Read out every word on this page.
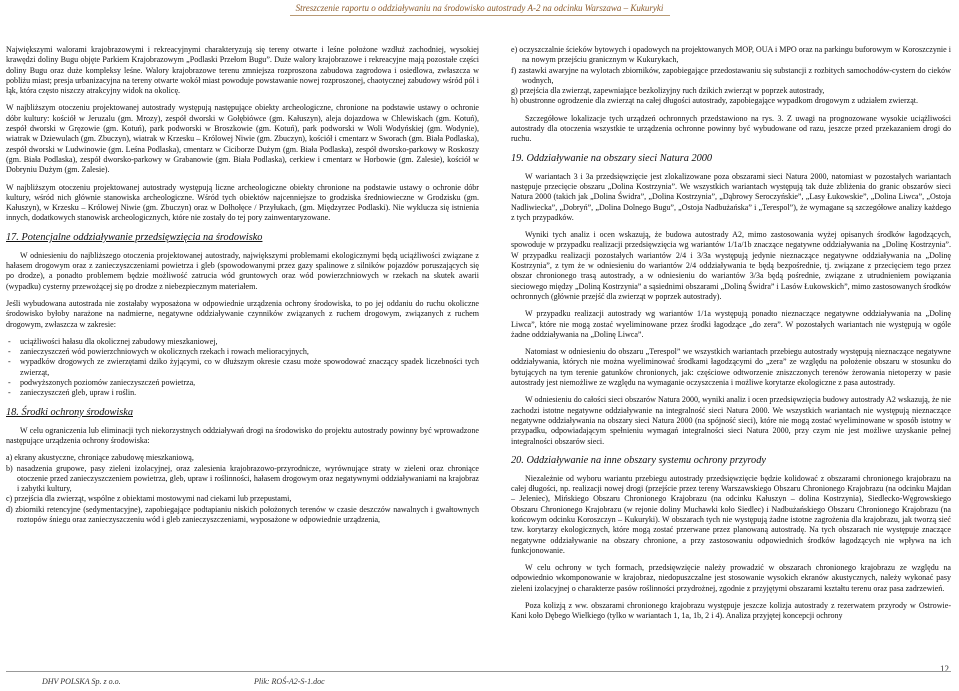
Streszczenie raportu o oddziaływaniu na środowisko autostrady A-2 na odcinku Warszawa – Kukuryki

Największymi walorami krajobrazowymi i rekreacyjnymi charakteryzują się tereny otwarte i leśne położone wzdłuż zachodniej, wysokiej krawędzi doliny Bugu objęte Parkiem Krajobrazowym „Podlaski Przełom Bugu”. Duże walory krajobrazowe i rekreacyjne mają pozostałe części doliny Bugu oraz duże kompleksy leśne. Walory krajobrazowe terenu zmniejsza rozproszona zabudowa zagrodowa i osiedlowa, zwłaszcza w pobliżu miast; presja urbanizacyjna na tereny otwarte wokół miast powoduje powstawanie nowej rozproszonej, chaotycznej zabudowy wśród pól i łąk, która często niszczy atrakcyjny widok na okolicę.

W najbliższym otoczeniu projektowanej autostrady występują następujące obiekty archeologiczne, chronione na podstawie ustawy o ochronie dóbr kultury: kościół w Jeruzalu (gm. Mrozy), zespół dworski w Gołębiówce (gm. Kałuszyn), aleja dojazdowa w Chlewiskach (gm. Kotuń), zespół dworski w Gręzowie (gm. Kotuń), park podworski w Broszkowie (gm. Kotuń), park podworski w Woli Wodyńskiej (gm. Wodynie), wiatrak w Dziewulach (gm. Zbuczyn), wiatrak w Krzesku – Królowej Niwie (gm. Zbuczyn), kościół i cmentarz w Sworach (gm. Biała Podlaska), zespół dworski w Ludwinowie (gm. Leśna Podlaska), cmentarz w Ciciborze Dużym (gm. Biała Podlaska), zespół dworsko-parkowy w Roskoszy (gm. Biała Podlaska), zespół dworsko-parkowy w Grabanowie (gm. Biała Podlaska), cerkiew i cmentarz w Horbowie (gm. Zalesie), kościół w Dobryniu Dużym (gm. Zalesie).

W najbliższym otoczeniu projektowanej autostrady występują liczne archeologiczne obiekty chronione na podstawie ustawy o ochronie dóbr kultury, wśród nich głównie stanowiska archeologiczne. Wśród tych obiektów najcenniejsze to grodziska średniowieczne w Grodzisku (gm. Kałuszyn), w Krzesku – Królowej Niwie (gm. Zbuczyn) oraz w Dołhołęce / Przyłukach, (gm. Międzyrzec Podlaski). Nie wyklucza się istnienia innych, dodatkowych stanowisk archeologicznych, które nie zostały do tej pory zainwentaryzowane.

17. Potencjalne oddziaływanie przedsięwzięcia na środowisko

W odniesieniu do najbliższego otoczenia projektowanej autostrady, największymi problemami ekologicznymi będą uciążliwości związane z hałasem drogowym oraz z zanieczyszczeniami powietrza i gleb (spowodowanymi przez gazy spalinowe z silników pojazdów poruszających się po drodze), a ponadto problemem będzie możliwość zatrucia wód gruntowych oraz wód powierzchniowych w rzekach na skutek awarii (wypadku) cysterny przewożącej się po drodze z niebezpiecznym materiałem.

Jeśli wybudowana autostrada nie zostałaby wyposażona w odpowiednie urządzenia ochrony środowiska, to po jej oddaniu do ruchu okoliczne środowisko byłoby narażone na nadmierne, negatywne oddziaływanie czynników związanych z ruchem drogowym, związanych z ruchem drogowym, zwłaszcza w zakresie:

- uciążliwości hałasu dla okolicznej zabudowy mieszkaniowej,
- zanieczyszczeń wód powierzchniowych w okolicznych rzekach i rowach melioracyjnych,
- wypadków drogowych ze zwierzętami dziko żyjącymi, co w dłuższym okresie czasu może spowodować znaczący spadek liczebności tych zwierząt,
- podwyższonych poziomów zanieczyszczeń powietrza,
- zanieczyszczeń gleb, upraw i roślin.
18. Środki ochrony środowiska

W celu ograniczenia lub eliminacji tych niekorzystnych oddziaływań drogi na środowisko do projektu autostrady powinny być wprowadzone następujące urządzenia ochrony środowiska:

a) ekrany akustyczne, chroniące zabudowę mieszkaniową,
b) nasadzenia grupowe, pasy zieleni izolacyjnej, oraz zalesienia krajobrazowo-przyrodnicze, wyrównujące straty w zieleni oraz chroniące otoczenie przed zanieczyszczeniem powietrza, gleb, upraw i roślinności, hałasem drogowym oraz negatywnymi oddziaływaniami na krajobraz i zabytki kultury,
c) przejścia dla zwierząt, wspólne z obiektami mostowymi nad ciekami lub przepustami,
d) zbiorniki retencyjne (sedymentacyjne), zapobiegające podtapianiu niskich położonych terenów w czasie deszczów nawalnych i gwałtownych roztopów śniegu oraz zanieczyszczeniu wód i gleb zanieczyszczeniami, wyposażone w odpowiednie urządzenia,
e) oczyszczalnie ścieków bytowych i opadowych na projektowanych MOP, OUA i MPO oraz na parkingu buforowym w Koroszczynie i na nowym przejściu granicznym w Kukurykach,
f) zastawki awaryjne na wylotach zbiorników, zapobiegające przedostawaniu się substancji z rozbitych samochodów-cystern do cieków wodnych,
g) przejścia dla zwierząt, zapewniające bezkolizyjny ruch dzikich zwierząt w poprzek autostrady,
h) obustronne ogrodzenie dla zwierząt na całej długości autostrady, zapobiegające wypadkom drogowym z udziałem zwierząt.

Szczegółowe lokalizacje tych urządzeń ochronnych przedstawiono na rys. 3. Z uwagi na prognozowane wysokie uciążliwości autostrady dla otoczenia wszystkie te urządzenia ochronne powinny być wybudowane od razu, jeszcze przed przekazaniem drogi do ruchu.

19. Oddziaływanie na obszary sieci Natura 2000

W wariantach 3 i 3a przedsięwzięcie jest zlokalizowane poza obszarami sieci Natura 2000, natomiast w pozostałych wariantach następuje przecięcie obszaru „Dolina Kostrzynia”. We wszystkich wariantach występują tak duże zbliżenia do granic obszarów sieci Natura 2000 (takich jak „Dolina Świdra”, „Dolina Kostrzynia”, „Dąbrowy Seroczyńskie”, „Lasy Łukowskie”, „Dolina Liwca”, „Ostoja Nadliwiecka”, „Dobryń”, „Dolina Dolnego Bugu”, „Ostoja Nadbużańska” i „Terespol”), że wymagane są szczegółowe analizy każdego z tych przypadków.

Wyniki tych analiz i ocen wskazują, że budowa autostrady A2, mimo zastosowania wyżej opisanych środków łagodzących, spowoduje w przypadku realizacji przedsięwzięcia wg wariantów 1/1a/1b znaczące negatywne oddziaływania na „Dolinę Kostrzynia”. W przypadku realizacji pozostałych wariantów 2/4 i 3/3a występują jedynie nieznaczące negatywne oddziaływania na „Dolinę Kostrzynia”, z tym że w odniesieniu do wariantów 2/4 oddziaływania te będą bezpośrednie, tj. związane z przecięciem tego przez obszar chronionego trasą autostrady, a w odniesieniu do wariantów 3/3a będą pośrednie, związane z utrudnieniem powiązania sieciowego między „Doliną Kostrzynia” a sąsiednimi obszarami „Doliną Świdra” i Lasów Łukowskich”, mimo zastosowanych środków ochronnych (głównie przejść dla zwierząt w poprzek autostrady).

W przypadku realizacji autostrady wg wariantów 1/1a występują ponadto nieznaczące negatywne oddziaływania na „Dolinę Liwca”, które nie mogą zostać wyeliminowane przez środki łagodzące „do zera”. W pozostałych wariantach nie występują w ogóle żadne oddziaływania na „Dolinę Liwca”.

Natomiast w odniesieniu do obszaru „Terespol” we wszystkich wariantach przebiegu autostrady występują nieznaczące negatywne oddziaływania, których nie można wyeliminować środkami łagodzącymi do „zera” ze względu na położenie obszaru w stosunku do bytujących na tym terenie gatunków chronionych, jak: częściowe odtworzenie zniszczonych terenów żerowania nietoperzy w pasie autostrady jest niemożliwe ze względu na wymaganie oczyszczenia i możliwe korytarze ekologiczne z pasa autostrady.

W odniesieniu do całości sieci obszarów Natura 2000, wyniki analiz i ocen przedsięwzięcia budowy autostrady A2 wskazują, że nie zachodzi istotne negatywne oddziaływanie na integralność sieci Natura 2000. We wszystkich wariantach nie występują nieznaczące negatywne oddziaływania na obszary sieci Natura 2000 (na spójność sieci), które nie mogą zostać wyeliminowane w sposób istotny w przypadku, odpowiadającym spełnieniu wymagań integralności sieci Natura 2000, przy czym nie jest możliwe uzyskanie pełnej integralności obszarów sieci.

20. Oddziaływanie na inne obszary systemu ochrony przyrody

Niezależnie od wyboru wariantu przebiegu autostrady przedsięwzięcie będzie kolidować z obszarami chronionego krajobrazu na całej długości, np. realizacji nowej drogi (przejście przez tereny Warszawskiego Obszaru Chronionego Krajobrazu (na odcinku Majdan – Jeleniec), Mińskiego Obszaru Chronionego Krajobrazu (na odcinku Kałuszyn – dolina Kostrzynia), Siedlecko-Węgrowskiego Obszaru Chronionego Krajobrazu (w rejonie doliny Muchawki koło Siedlec) i Nadbużańskiego Obszaru Chronionego Krajobrazu (na końcowym odcinku Koroszczyn – Kukuryki). W obszarach tych nie występują żadne istotne zagrożenia dla krajobrazu, jak tworzą sieć tzw. korytarzy ekologicznych, które mogą zostać przerwane przez planowaną autostradę. Na tych obszarach nie występuje znaczące negatywne oddziaływanie na obszary chronione, a przy zastosowaniu odpowiednich środków łagodzących nie wpływa na ich funkcjonowanie.

W celu ochrony w tych formach, przedsięwzięcie należy prowadzić w obszarach chronionego krajobrazu ze względu na odpowiednio wkomponowanie w krajobraz, niedopuszczalne jest stosowanie wysokich ekranów akustycznych, należy wykonać pasy zieleni izolacyjnej o charakterze pasów roślinności przydrożnej, zgodnie z przyjętymi obszarami kształtu terenu oraz pasa zadrzewień.

Poza kolizją z ww. obszarami chronionego krajobrazu występuje jeszcze kolizja autostrady z rezerwatem przyrody w Ostrowie-Kani koło Dębego Wielkiego (tylko w wariantach 1, 1a, 1b, 2 i 4). Analiza przyjętej koncepcji ochrony

12
DHV POLSKA Sp. z o.o.	Plik: ROŚ-A2-S-1.doc
